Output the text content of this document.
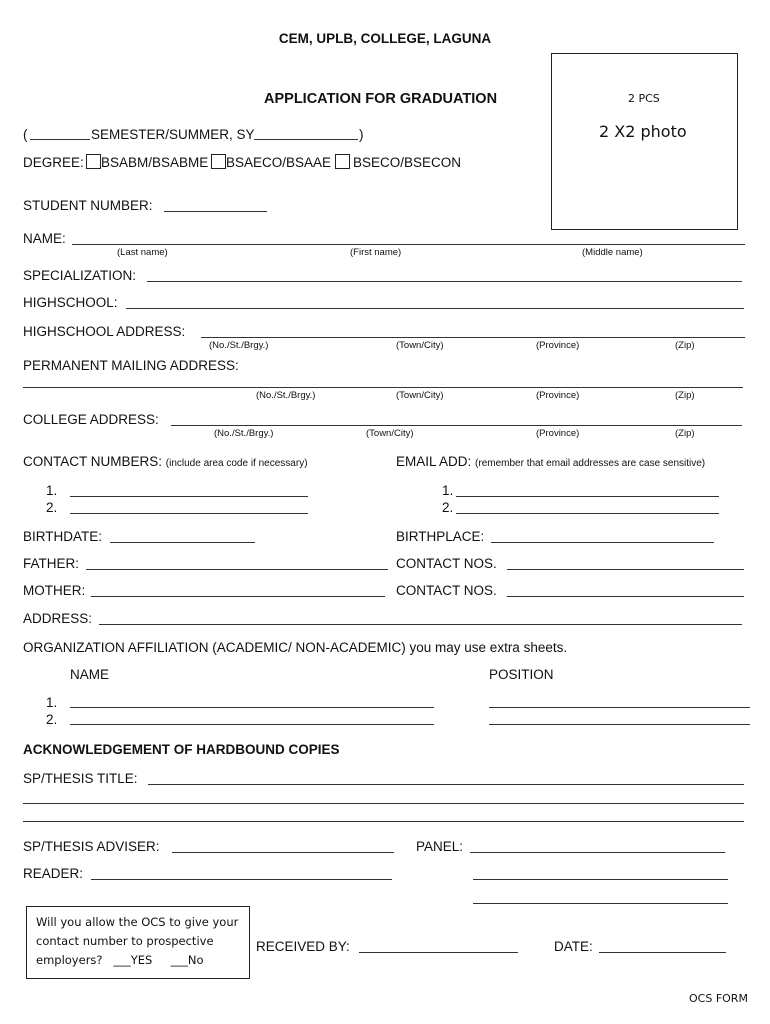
CEM, UPLB, COLLEGE, LAGUNA
APPLICATION FOR GRADUATION	2 PCS
2 X2 photo
(	SEMESTER/SUMMER, SY	)
DEGREE: BSABM/BSABME BSAECO/BSAAE BSECO/BSECON
STUDENT NUMBER:
NAME:
(Last name)	(First name)	(Middle name)
SPECIALIZATION:
HIGHSCHOOL:
HIGHSCHOOL ADDRESS:
(No./St./Brgy.)	(Town/City)	(Province)	(Zip)
PERMANENT MAILING ADDRESS:
(No./St./Brgy.)	(Town/City)	(Province)	(Zip)
COLLEGE ADDRESS:
(No./St./Brgy.)	(Town/City)	(Province)	(Zip)
CONTACT NUMBERS: (include area code if necessary)	EMAIL ADD: (remember that email addresses are case sensitive)
1.
2.
1.
2.
BIRTHDATE:	BIRTHPLACE:
FATHER:	CONTACT NOS.
MOTHER:	CONTACT NOS.
ADDRESS:
ORGANIZATION AFFILIATION (ACADEMIC/ NON-ACADEMIC) you may use extra sheets.
NAME	POSITION
1.
2.
ACKNOWLEDGEMENT OF HARDBOUND COPIES
SP/THESIS TITLE:
SP/THESIS ADVISER:	PANEL:
READER:
Will you allow the OCS to give your
contact number to prospective
employers?   ___YES     ___No
RECEIVED BY:	DATE:
OCS FORM
